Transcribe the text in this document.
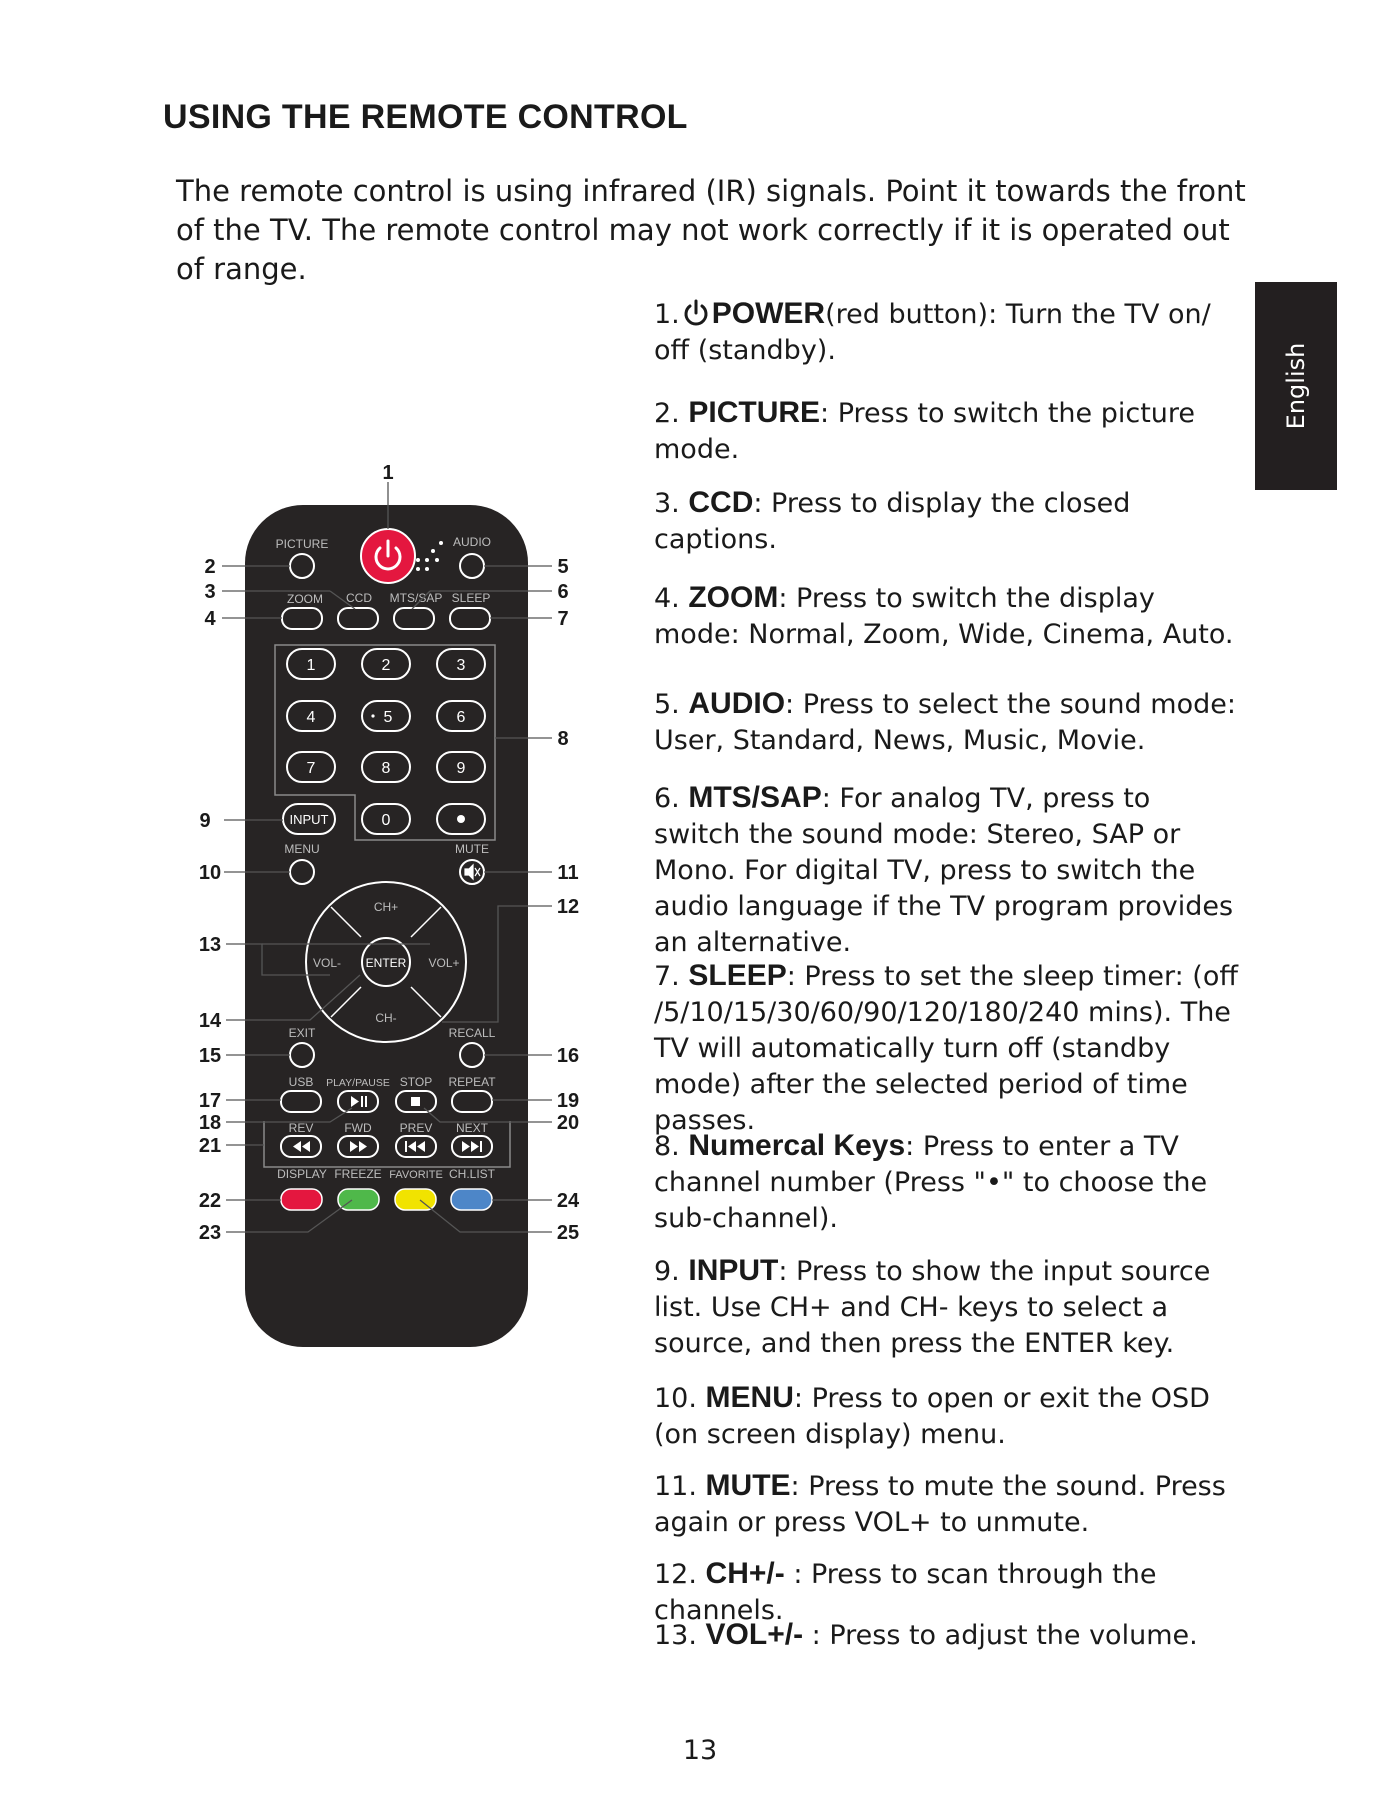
USING THE REMOTE CONTROL
The remote control is using infrared (IR) signals. Point it towards the front of the TV. The remote control may not work correctly if it is operated out of range.
English
PICTURE	AUDIO
ZOOM CCD MTS/SAP SLEEP
1	2	3
4	5	6
7	8	9
0
INPUT
MENU	MUTE
ENTER
CH+
CH-
VOL-	VOL+
EXIT	RECALL
USB PLAY/PAUSE STOP REPEAT
REV	FWD PREV NEXT
DISPLAY FREEZE FAVORITE CH.LIST
1
2
3
4
5
6
7
8
9
10	11
12
13
14
15	16
17
18
19
20
21
22
23
24
25
1. POWER(red button): Turn the TV on/ off (standby).
2. PICTURE: Press to switch the picture mode.
3. CCD: Press to display the closed captions.
4. ZOOM: Press to switch the display mode: Normal, Zoom, Wide, Cinema, Auto.
5. AUDIO: Press to select the sound mode: User, Standard, News, Music, Movie.
6. MTS/SAP: For analog TV, press to switch the sound mode: Stereo, SAP or Mono. For digital TV, press to switch the audio language if the TV program provides an alternative.
7. SLEEP: Press to set the sleep timer: (off /5/10/15/30/60/90/120/180/240 mins). The TV will automatically turn off (standby mode) after the selected period of time passes.
8. Numercal Keys: Press to enter a TV channel number (Press "•" to choose the sub-channel).
9. INPUT: Press to show the input source list. Use CH+ and CH- keys to select a source, and then press the ENTER key.
10. MENU: Press to open or exit the OSD (on screen display) menu.
11. MUTE: Press to mute the sound. Press again or press VOL+ to unmute.
12. CH+/- : Press to scan through the channels.
13. VOL+/- : Press to adjust the volume.
13
